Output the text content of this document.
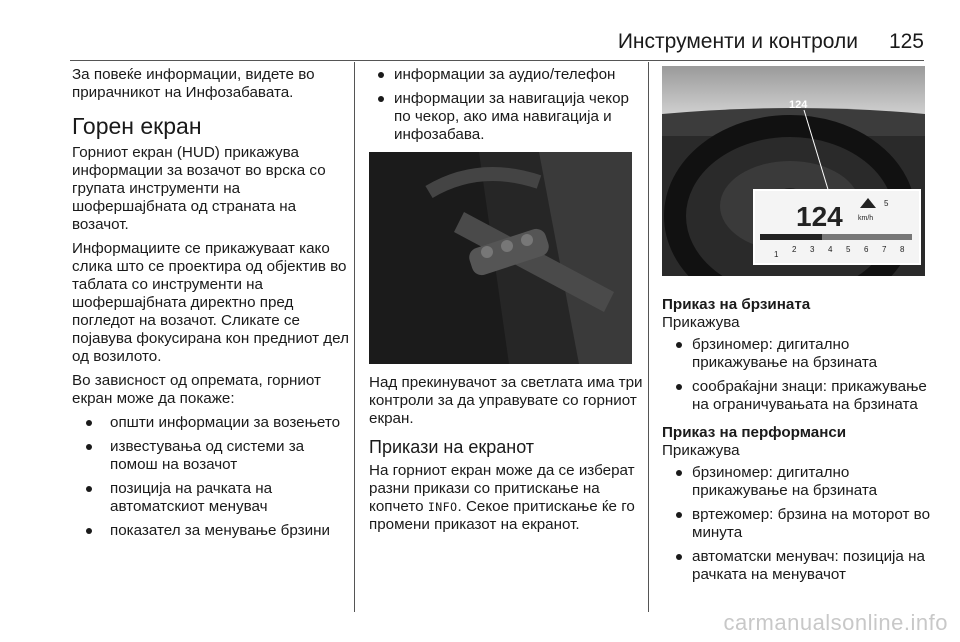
Инструменти и контроли 125

За повеќе информации, видете во прирачникот на Инфозабавата.

Горен екран

Горниот екран (HUD) прикажува информации за возачот во врска со групата инструменти на шофершајбната од страната на возачот.

Информациите се прикажуваат како слика што се проектира од објектив во таблата со инструменти на шофершајбната директно пред погледот на возачот. Сликате се појавува фокусирана кон предниот дел од возилото.

Во зависност од опремата, горниот екран може да покаже:

општи информации за возењето
известувања од системи за помош на возачот
позиција на рачката на автоматскиот менувач
показател за менување брзини
информации за аудио/телефон
информации за навигација чекор по чекор, ако има навигација и инфозабава.

Над прекинувачот за светлата има три контроли за да управувате со горниот екран.

Прикази на екранот

На горниот екран може да се изберат разни прикази со притискање на копчето INFO. Секое притискање ќе го промени приказот на екранот.

124
124	5
km/h
1
2 3 4 5 6 7 8
Приказ на брзината

Прикажува

брзиномер: дигитално прикажување на брзината
сообраќајни знаци: прикажување на ограничувањата на брзината
Приказ на перформанси

Прикажува

брзиномер: дигитално прикажување на брзината
вртежомер: брзина на моторот во минута
автоматски менувач: позиција на рачката на менувачот
carmanualsonline.info
